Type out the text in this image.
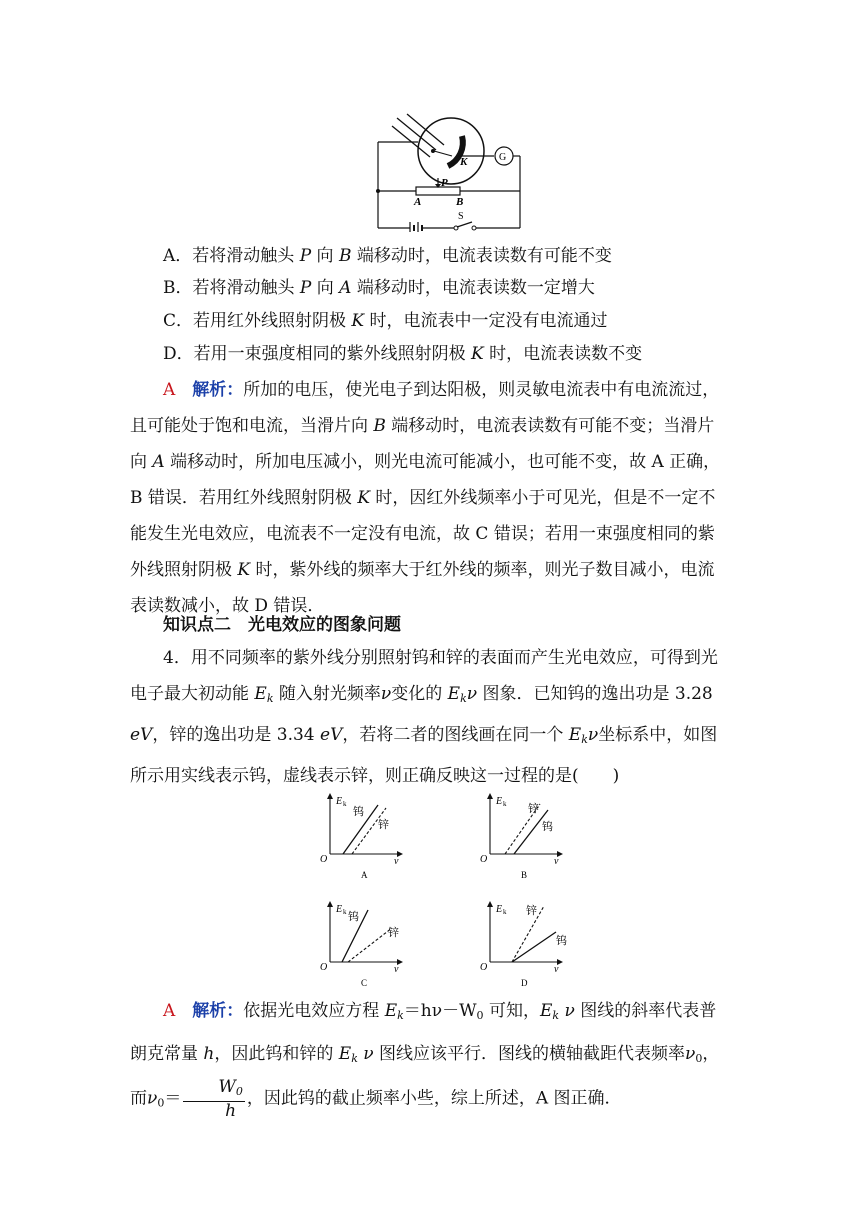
K	G
P
A	B
S
A．若将滑动触头 P 向 B 端移动时，电流表读数有可能不变
B．若将滑动触头 P 向 A 端移动时，电流表读数一定增大
C．若用红外线照射阴极 K 时，电流表中一定没有电流通过
D．若用一束强度相同的紫外线照射阴极 K 时，电流表读数不变
A　 解析：所加的电压，使光电子到达阳极，则灵敏电流表中有电流流过，且可能处于饱和电流，当滑片向 B 端移动时，电流表读数有可能不变；当滑片向 A 端移动时，所加电压减小，则光电流可能减小，也可能不变，故 A 正确，B 错误．若用红外线照射阴极 K 时，因红外线频率小于可见光，但是不一定不能发生光电效应，电流表不一定没有电流，故 C 错误；若用一束强度相同的紫外线照射阴极 K 时，紫外线的频率大于红外线的频率，则光子数目减小，电流表读数减小，故 D 错误．
知识点二　光电效应的图象问题
4．用不同频率的紫外线分别照射钨和锌的表面而产生光电效应，可得到光电子最大初动能 $E_k$ 随入射光频率ν变化的 $E_k\nu$ 图象．已知钨的逸出功是 3.28 eV，锌的逸出功是 3.34 eV，若将二者的图线画在同一个 $E_k\nu$坐标系中，如图所示用实线表示钨，虚线表示锌，则正确反映这一过程的是(　　)
E k
ν
O
钨
锌
A
E k
ν
O
锌
钨
B
E k
ν
O
钨
锌
C
E k
ν
O
锌
钨
D
A　 解析：依据光电效应方程 $E_k=h\nu-W_0$ 可知，$E_k$ ν 图线的斜率代表普朗克常量 h，因此钨和锌的 $E_k$ ν 图线应该平行．图线的横轴截距代表频率$\nu_0$，而$\nu_0= \frac{W_0}{h}$ ，因此钨的截止频率小些，综上所述，A 图正确．
